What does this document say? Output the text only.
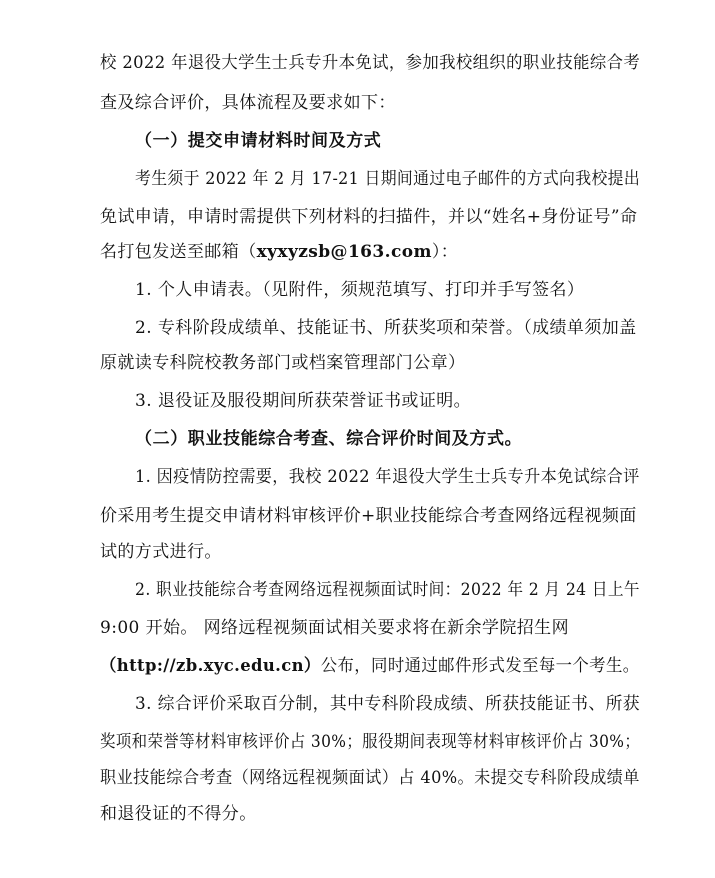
校 2022 年退役大学生士兵专升本免试，参加我校组织的职业技能综合考
查及综合评价，具体流程及要求如下：
（一）提交申请材料时间及方式
考生须于 2022 年 2 月 17-21 日期间通过电子邮件的方式向我校提出
免试申请，申请时需提供下列材料的扫描件，并以“姓名+身份证号”命
名打包发送至邮箱（xyxyzsb@163.com）：
1. 个人申请表。（见附件，须规范填写、打印并手写签名）
2. 专科阶段成绩单、技能证书、所获奖项和荣誉。（成绩单须加盖
原就读专科院校教务部门或档案管理部门公章）
3. 退役证及服役期间所获荣誉证书或证明。
（二）职业技能综合考查、综合评价时间及方式。
1. 因疫情防控需要，我校 2022 年退役大学生士兵专升本免试综合评
价采用考生提交申请材料审核评价+职业技能综合考查网络远程视频面
试的方式进行。
2. 职业技能综合考查网络远程视频面试时间：2022 年 2 月 24 日上午
9:00 开始。 网络远程视频面试相关要求将在新余学院招生网
（http://zb.xyc.edu.cn）公布，同时通过邮件形式发至每一个考生。
3. 综合评价采取百分制，其中专科阶段成绩、所获技能证书、所获
奖项和荣誉等材料审核评价占 30%；服役期间表现等材料审核评价占 30%；
职业技能综合考查（网络远程视频面试）占 40%。未提交专科阶段成绩单
和退役证的不得分。
